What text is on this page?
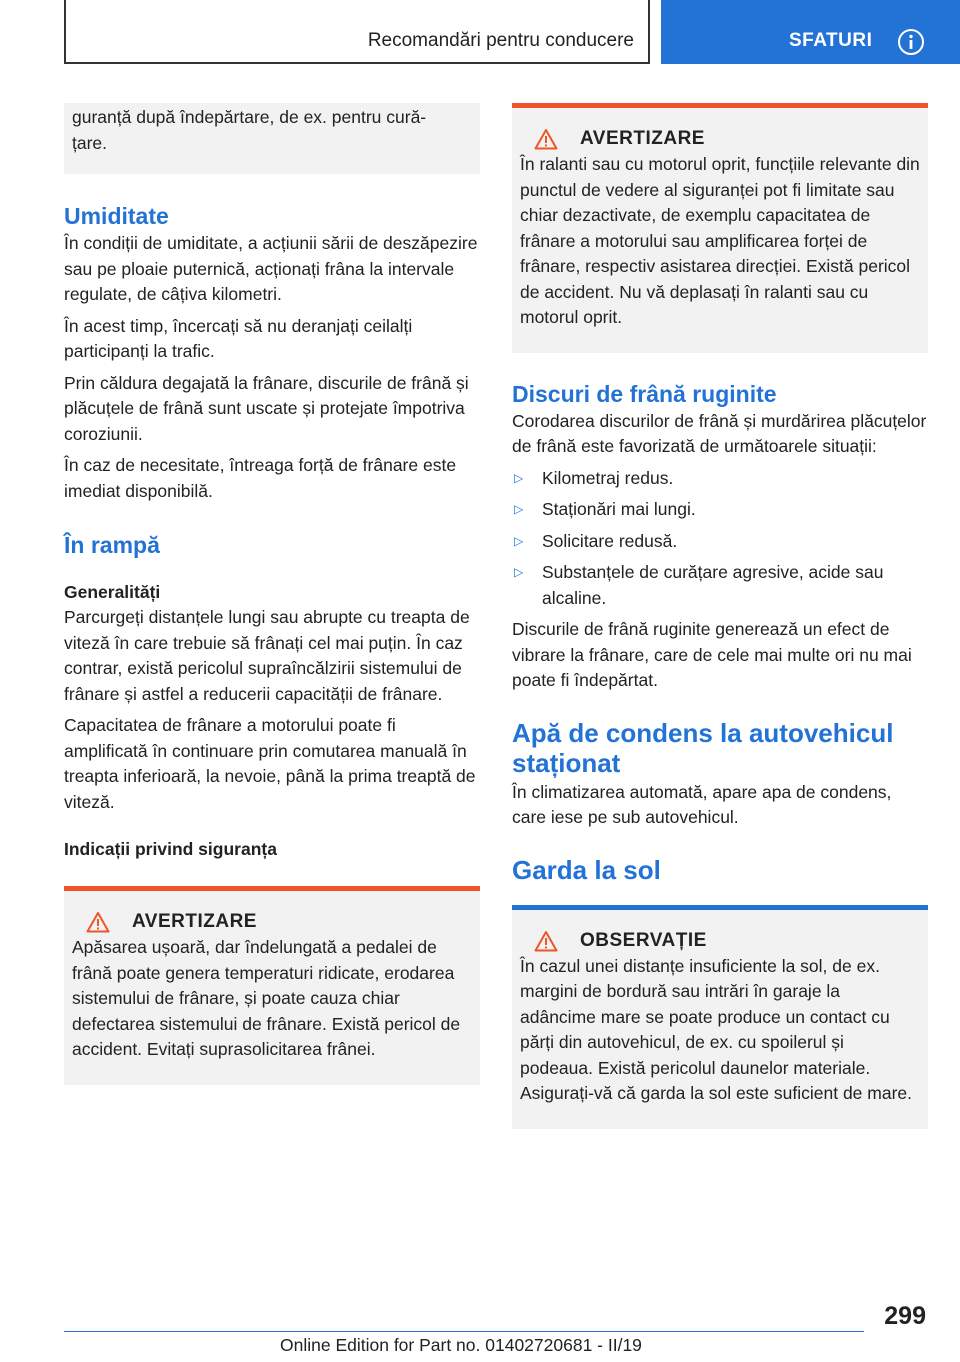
Recomandări pentru conducere	SFATURI

guranță după îndepărtare, de ex. pentru cură‐țare.

Umiditate

În condiții de umiditate, a acțiunii sării de deszăpezire sau pe ploaie puternică, acționați frâna la intervale regulate, de câțiva kilometri.

În acest timp, încercați să nu deranjați ceilalți participanți la trafic.

Prin căldura degajată la frânare, discurile de frână și plăcuțele de frână sunt uscate și protejate împotriva coroziunii.

În caz de necesitate, întreaga forță de frânare este imediat disponibilă.

În rampă
Generalități

Parcurgeți distanțele lungi sau abrupte cu treapta de viteză în care trebuie să frânați cel mai puțin. În caz contrar, există pericolul supraîncălzirii sistemului de frânare și astfel a reducerii capacității de frânare.

Capacitatea de frânare a motorului poate fi amplificată în continuare prin comutarea manuală în treapta inferioară, la nevoie, până la prima treaptă de viteză.

Indicații privind siguranța
AVERTIZARE

Apăsarea ușoară, dar îndelungată a pedalei de frână poate genera temperaturi ridicate, erodarea sistemului de frânare, și poate cauza chiar defectarea sistemului de frânare. Există pericol de accident. Evitați suprasolicitarea frânei.

AVERTIZARE

În ralanti sau cu motorul oprit, funcțiile relevante din punctul de vedere al siguranței pot fi limitate sau chiar dezactivate, de exemplu capacitatea de frânare a motorului sau amplificarea forței de frânare, respectiv asistarea direcției. Există pericol de accident. Nu vă deplasați în ralanti sau cu motorul oprit.

Discuri de frână ruginite

Corodarea discurilor de frână și murdărirea plăcuțelor de frână este favorizată de următoarele situații:

▷	Kilometraj redus.
▷	Staționări mai lungi.
▷	Solicitare redusă.
▷	Substanțele de curățare agresive, acide sau alcaline.

Discurile de frână ruginite generează un efect de vibrare la frânare, care de cele mai multe ori nu mai poate fi îndepărtat.

Apă de condens la autovehicul staționat

În climatizarea automată, apare apa de condens, care iese pe sub autovehicul.

Garda la sol
OBSERVAȚIE

În cazul unei distanțe insuficiente la sol, de ex. margini de bordură sau intrări în garaje la adâncime mare se poate produce un contact cu părți din autovehicul, de ex. cu spoilerul și podeaua. Există pericolul daunelor materiale. Asigurați-vă că garda la sol este suficient de mare.

299
Online Edition for Part no. 01402720681 - II/19
